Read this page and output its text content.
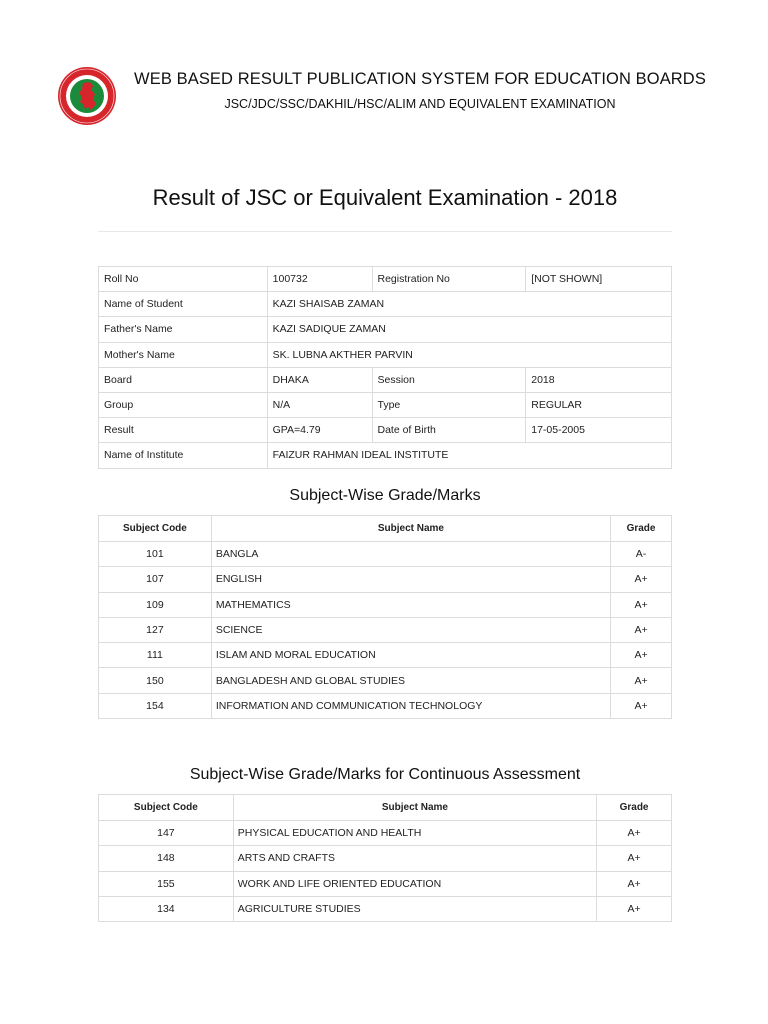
WEB BASED RESULT PUBLICATION SYSTEM FOR EDUCATION BOARDS
JSC/JDC/SSC/DAKHIL/HSC/ALIM AND EQUIVALENT EXAMINATION
Result of JSC or Equivalent Examination - 2018
Roll No	100732	Registration No	[NOT SHOWN]
Name of Student	KAZI SHAISAB ZAMAN		
Father's Name	KAZI SADIQUE ZAMAN		
Mother's Name	SK. LUBNA AKTHER PARVIN		
Board	DHAKA	Session	2018
Group	N/A	Type	REGULAR
Result	GPA=4.79	Date of Birth	17-05-2005
Name of Institute	FAIZUR RAHMAN IDEAL INSTITUTE		
Subject-Wise Grade/Marks
Subject Code	Subject Name	Grade
101	BANGLA	A-
107	ENGLISH	A+
109	MATHEMATICS	A+
127	SCIENCE	A+
111	ISLAM AND MORAL EDUCATION	A+
150	BANGLADESH AND GLOBAL STUDIES	A+
154	INFORMATION AND COMMUNICATION TECHNOLOGY	A+
Subject-Wise Grade/Marks for Continuous Assessment
Subject Code	Subject Name	Grade
147	PHYSICAL EDUCATION AND HEALTH	A+
148	ARTS AND CRAFTS	A+
155	WORK AND LIFE ORIENTED EDUCATION	A+
134	AGRICULTURE STUDIES	A+
